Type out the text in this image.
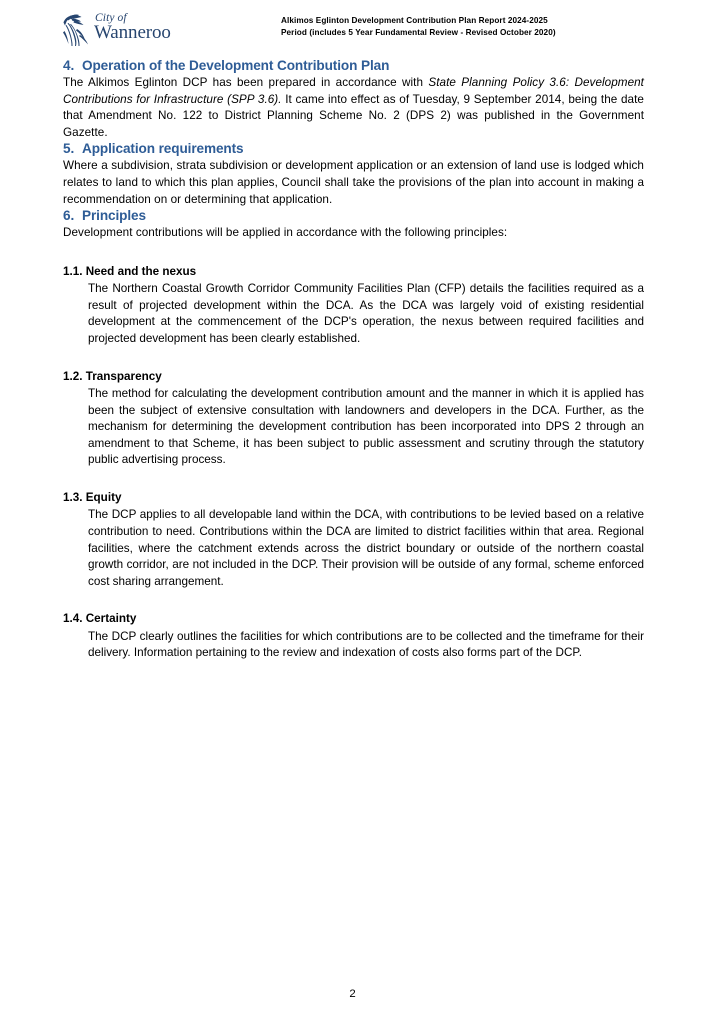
City of
Wanneroo
Alkimos Eglinton Development Contribution Plan Report 2024-2025
Period (includes 5 Year Fundamental Review - Revised October 2020)
4. Operation of the Development Contribution Plan

The Alkimos Eglinton DCP has been prepared in accordance with State Planning Policy 3.6: Development Contributions for Infrastructure (SPP 3.6). It came into effect as of Tuesday, 9 September 2014, being the date that Amendment No. 122 to District Planning Scheme No. 2 (DPS 2) was published in the Government Gazette.

5. Application requirements

Where a subdivision, strata subdivision or development application or an extension of land use is lodged which relates to land to which this plan applies, Council shall take the provisions of the plan into account in making a recommendation on or determining that application.

6. Principles

Development contributions will be applied in accordance with the following principles:

1.1. Need and the nexus

The Northern Coastal Growth Corridor Community Facilities Plan (CFP) details the facilities required as a result of projected development within the DCA. As the DCA was largely void of existing residential development at the commencement of the DCP's operation, the nexus between required facilities and projected development has been clearly established.

1.2. Transparency

The method for calculating the development contribution amount and the manner in which it is applied has been the subject of extensive consultation with landowners and developers in the DCA. Further, as the mechanism for determining the development contribution has been incorporated into DPS 2 through an amendment to that Scheme, it has been subject to public assessment and scrutiny through the statutory public advertising process.

1.3. Equity

The DCP applies to all developable land within the DCA, with contributions to be levied based on a relative contribution to need. Contributions within the DCA are limited to district facilities within that area. Regional facilities, where the catchment extends across the district boundary or outside of the northern coastal growth corridor, are not included in the DCP. Their provision will be outside of any formal, scheme enforced cost sharing arrangement.

1.4. Certainty

The DCP clearly outlines the facilities for which contributions are to be collected and the timeframe for their delivery. Information pertaining to the review and indexation of costs also forms part of the DCP.

2
